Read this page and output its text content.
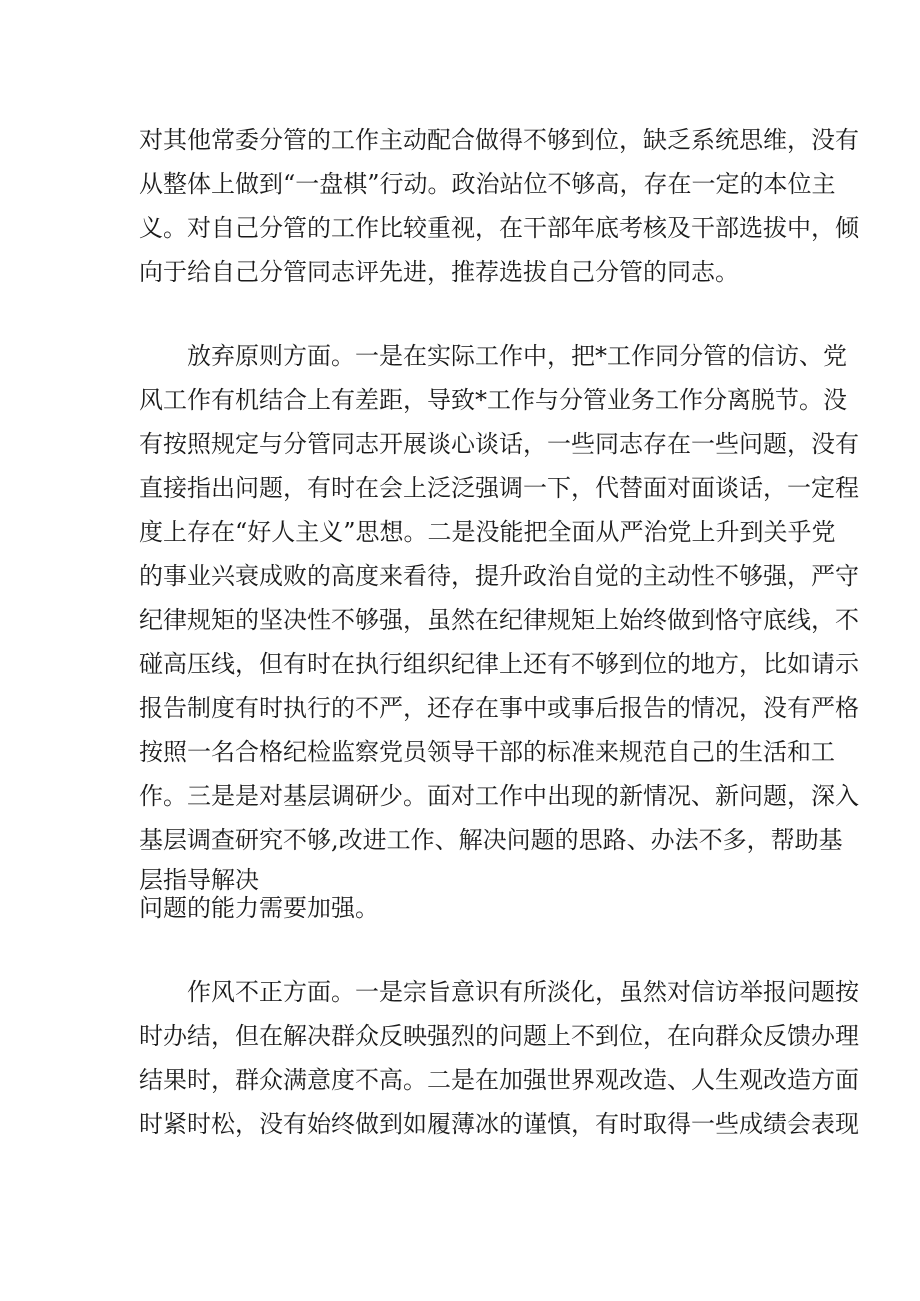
对其他常委分管的工作主动配合做得不够到位，缺乏系统思维，没有
从整体上做到“一盘棋”行动。政治站位不够高，存在一定的本位主
义。对自己分管的工作比较重视，在干部年底考核及干部选拔中，倾
向于给自己分管同志评先进，推荐选拔自己分管的同志。
放弃原则方面。一是在实际工作中，把*工作同分管的信访、党
风工作有机结合上有差距，导致*工作与分管业务工作分离脱节。没
有按照规定与分管同志开展谈心谈话，一些同志存在一些问题，没有
直接指出问题，有时在会上泛泛强调一下，代替面对面谈话，一定程
度上存在“好人主义”思想。二是没能把全面从严治党上升到关乎党
的事业兴衰成败的高度来看待，提升政治自觉的主动性不够强，严守
纪律规矩的坚决性不够强，虽然在纪律规矩上始终做到恪守底线，不
碰高压线，但有时在执行组织纪律上还有不够到位的地方，比如请示
报告制度有时执行的不严，还存在事中或事后报告的情况，没有严格
按照一名合格纪检监察党员领导干部的标准来规范自己的生活和工
作。三是是对基层调研少。面对工作中出现的新情况、新问题，深入
基层调查研究不够,改进工作、解决问题的思路、办法不多，帮助基
层指导解决
问题的能力需要加强。
作风不正方面。一是宗旨意识有所淡化，虽然对信访举报问题按
时办结，但在解决群众反映强烈的问题上不到位，在向群众反馈办理
结果时，群众满意度不高。二是在加强世界观改造、人生观改造方面
时紧时松，没有始终做到如履薄冰的谨慎，有时取得一些成绩会表现
